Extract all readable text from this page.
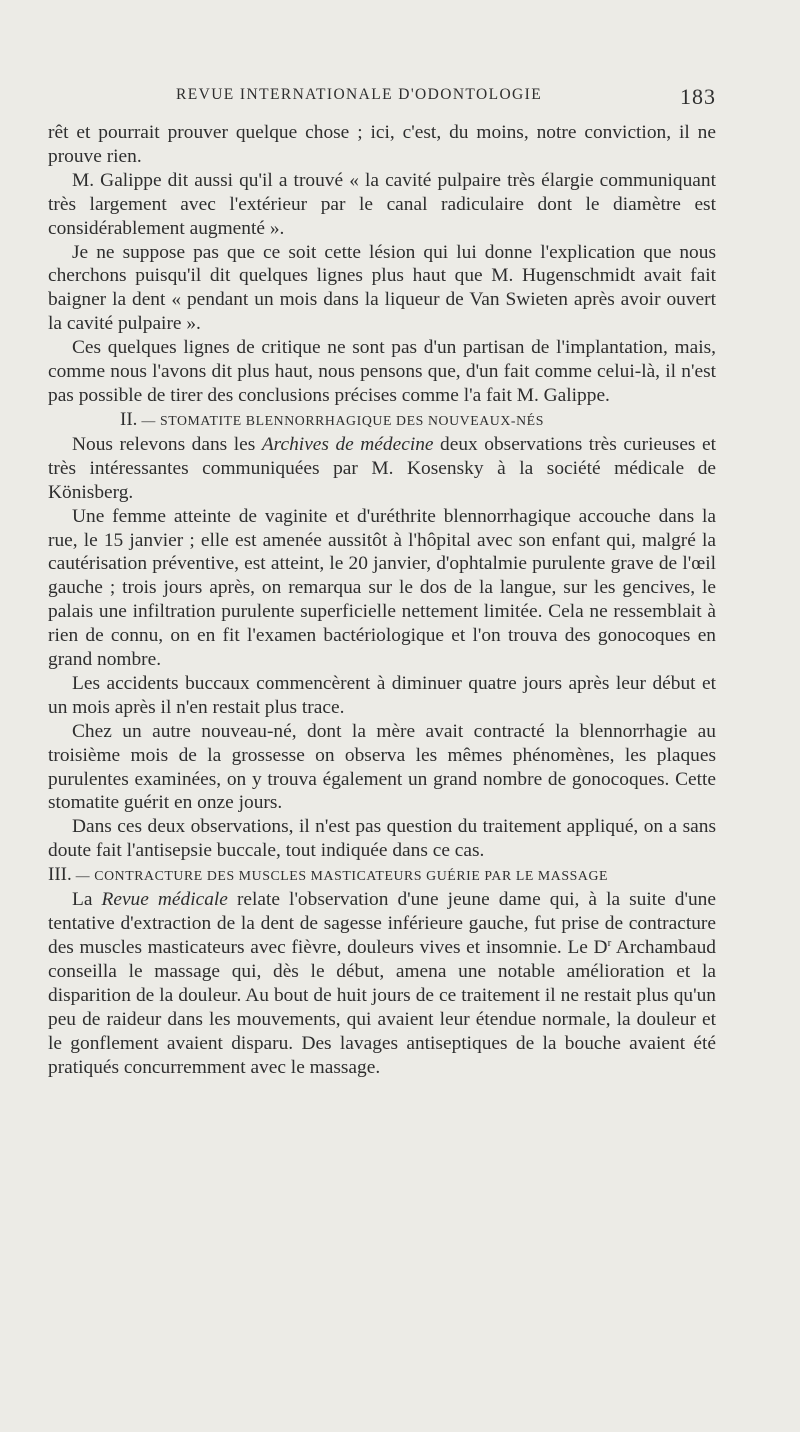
REVUE INTERNATIONALE D'ODONTOLOGIE	183

rêt et pourrait prouver quelque chose ; ici, c'est, du moins, notre conviction, il ne prouve rien.

M. Galippe dit aussi qu'il a trouvé « la cavité pulpaire très élargie communiquant très largement avec l'extérieur par le canal radiculaire dont le diamètre est considérablement augmenté ».

Je ne suppose pas que ce soit cette lésion qui lui donne l'explication que nous cherchons puisqu'il dit quelques lignes plus haut que M. Hugenschmidt avait fait baigner la dent « pendant un mois dans la liqueur de Van Swieten après avoir ouvert la cavité pulpaire ».

Ces quelques lignes de critique ne sont pas d'un partisan de l'implantation, mais, comme nous l'avons dit plus haut, nous pensons que, d'un fait comme celui-là, il n'est pas possible de tirer des conclusions précises comme l'a fait M. Galippe.

II. — STOMATITE BLENNORRHAGIQUE DES NOUVEAUX-NÉS

Nous relevons dans les Archives de médecine deux observations très curieuses et très intéressantes communiquées par M. Kosensky à la société médicale de Könisberg.

Une femme atteinte de vaginite et d'uréthrite blennorrhagique accouche dans la rue, le 15 janvier ; elle est amenée aussitôt à l'hôpital avec son enfant qui, malgré la cautérisation préventive, est atteint, le 20 janvier, d'ophtalmie purulente grave de l'œil gauche ; trois jours après, on remarqua sur le dos de la langue, sur les gencives, le palais une infiltration purulente superficielle nettement limitée. Cela ne ressemblait à rien de connu, on en fit l'examen bactériologique et l'on trouva des gonocoques en grand nombre.

Les accidents buccaux commencèrent à diminuer quatre jours après leur début et un mois après il n'en restait plus trace.

Chez un autre nouveau-né, dont la mère avait contracté la blennorrhagie au troisième mois de la grossesse on observa les mêmes phénomènes, les plaques purulentes examinées, on y trouva également un grand nombre de gonocoques. Cette stomatite guérit en onze jours.

Dans ces deux observations, il n'est pas question du traitement appliqué, on a sans doute fait l'antisepsie buccale, tout indiquée dans ce cas.

III. — CONTRACTURE DES MUSCLES MASTICATEURS GUÉRIE PAR LE MASSAGE

La Revue médicale relate l'observation d'une jeune dame qui, à la suite d'une tentative d'extraction de la dent de sagesse inférieure gauche, fut prise de contracture des muscles masticateurs avec fièvre, douleurs vives et insomnie. Le $D^r$ Archambaud conseilla le massage qui, dès le début, amena une notable amélioration et la disparition de la douleur. Au bout de huit jours de ce traitement il ne restait plus qu'un peu de raideur dans les mouvements, qui avaient leur étendue normale, la douleur et le gonflement avaient disparu. Des lavages antiseptiques de la bouche avaient été pratiqués concurremment avec le massage.
